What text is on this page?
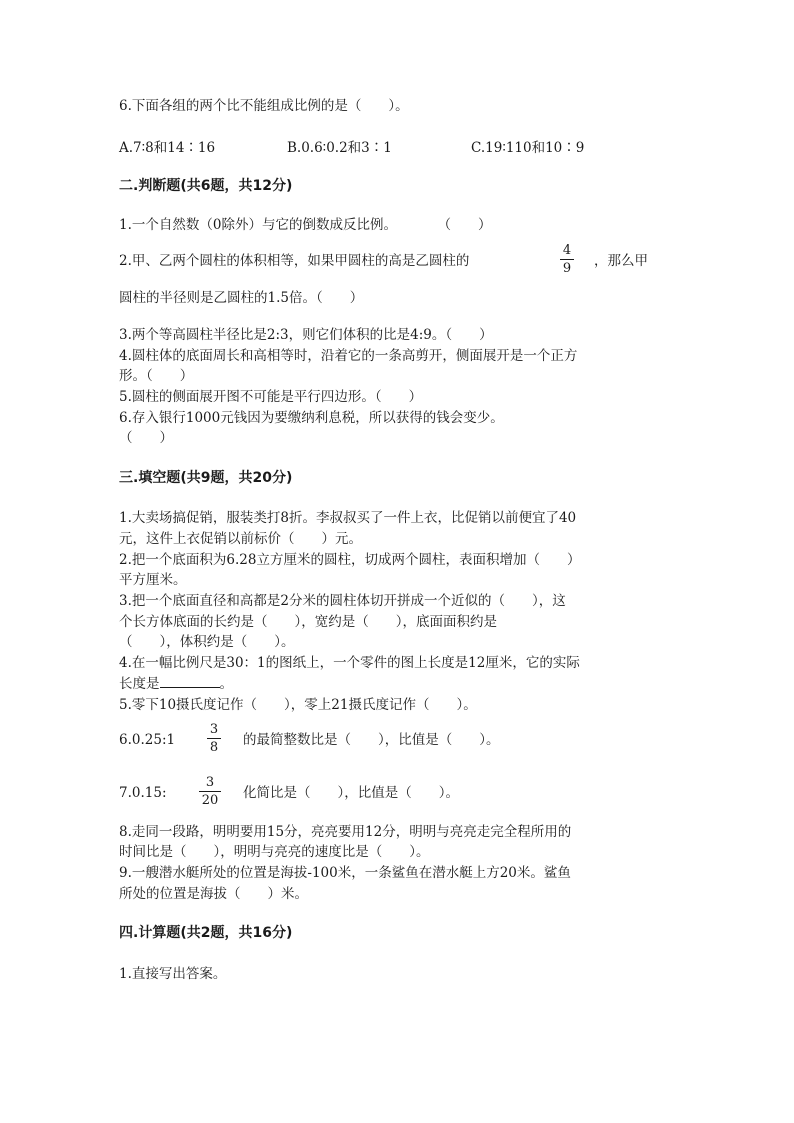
6.下面各组的两个比不能组成比例的是（　　）。
A.7∶8和14∶16	B.0.6∶0.2和3∶1	C.19∶110和10∶9
二.判断题(共6题，共12分)
1.一个自然数（0除外）与它的倒数成反比例。　　　　（　　）
2.甲、乙两个圆柱的体积相等，如果甲圆柱的高是乙圆柱的
4
9 ，那么甲
圆柱的半径则是乙圆柱的1.5倍。（　　）
3.两个等高圆柱半径比是2:3，则它们体积的比是4:9。（　　）
4.圆柱体的底面周长和高相等时，沿着它的一条高剪开，侧面展开是一个正方
形。（　　）
5.圆柱的侧面展开图不可能是平行四边形。（　　）
6.存入银行1000元钱因为要缴纳利息税，所以获得的钱会变少。
（　　）
三.填空题(共9题，共20分)
1.大卖场搞促销，服装类打8折。李叔叔买了一件上衣，比促销以前便宜了40
元，这件上衣促销以前标价（　　）元。
2.把一个底面积为6.28立方厘米的圆柱，切成两个圆柱，表面积增加（　　）
平方厘米。
3.把一个底面直径和高都是2分米的圆柱体切开拼成一个近似的（　　），这
个长方体底面的长约是（　　），宽约是（　　），底面面积约是
（　　），体积约是（　　）。
4.在一幅比例尺是30：1的图纸上，一个零件的图上长度是12厘米，它的实际
长度是	。
5.零下10摄氏度记作（　　），零上21摄氏度记作（　　）。
6.0.25:1
3
8 的最简整数比是（　　），比值是（　　）。
7.0.15:
3
20 化简比是（　　），比值是（　　）。
8.走同一段路，明明要用15分，亮亮要用12分，明明与亮亮走完全程所用的
时间比是（　　），明明与亮亮的速度比是（　　）。
9.一艘潜水艇所处的位置是海拔-100米，一条鲨鱼在潜水艇上方20米。鲨鱼
所处的位置是海拔（　　）米。
四.计算题(共2题，共16分)
1.直接写出答案。
